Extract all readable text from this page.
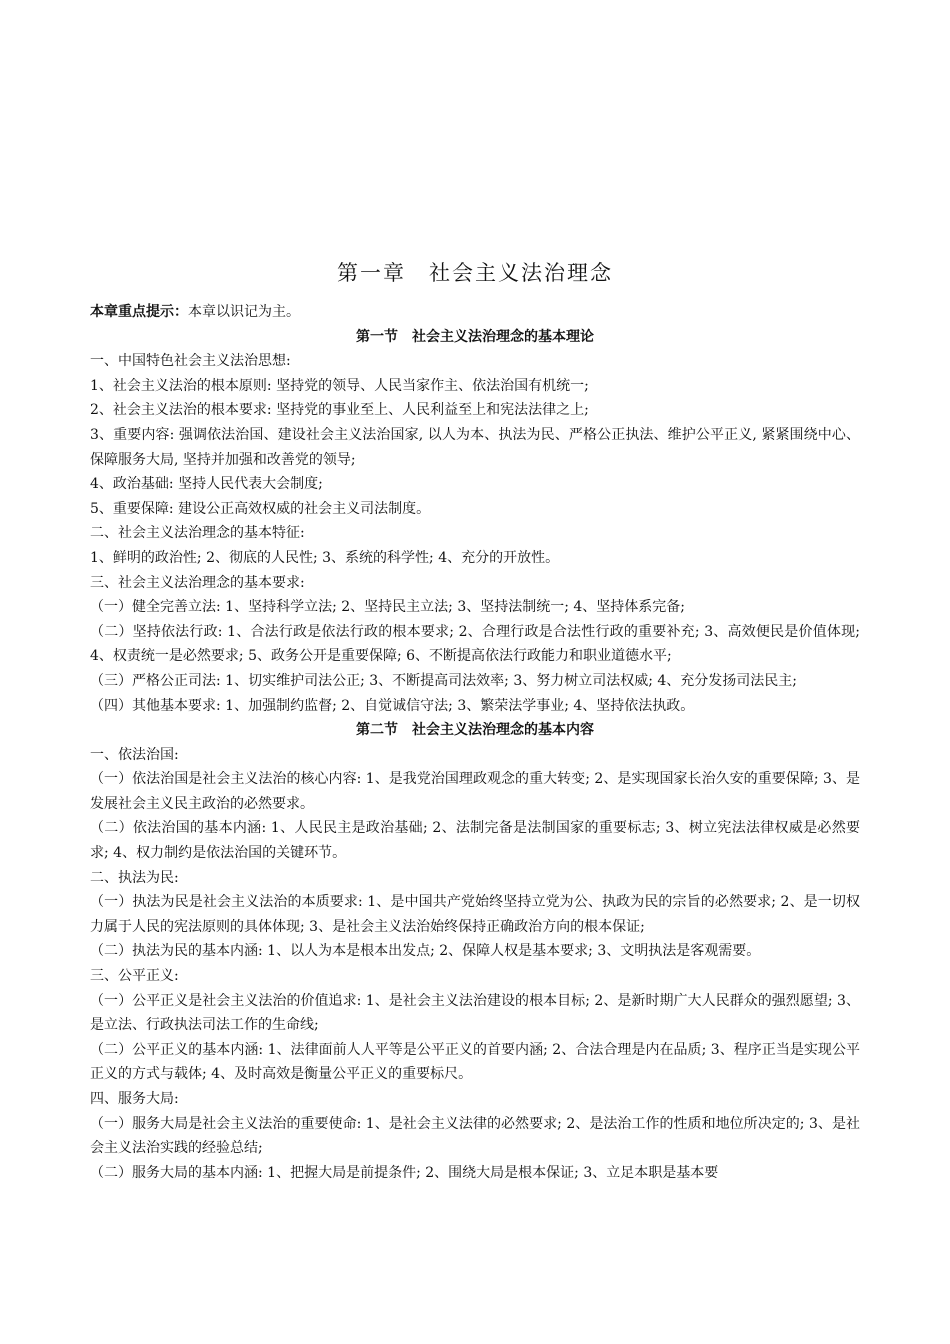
第一章　社会主义法治理念

本章重点提示：本章以识记为主。

第一节　社会主义法治理念的基本理论

一、中国特色社会主义法治思想:

1、社会主义法治的根本原则: 坚持党的领导、人民当家作主、依法治国有机统一;

2、社会主义法治的根本要求: 坚持党的事业至上、人民利益至上和宪法法律之上;

3、重要内容: 强调依法治国、建设社会主义法治国家, 以人为本、执法为民、严格公正执法、维护公平正义, 紧紧围绕中心、保障服务大局, 坚持并加强和改善党的领导;

4、政治基础: 坚持人民代表大会制度;

5、重要保障: 建设公正高效权威的社会主义司法制度。

二、社会主义法治理念的基本特征:

1、鲜明的政治性; 2、彻底的人民性; 3、系统的科学性; 4、充分的开放性。

三、社会主义法治理念的基本要求:

（一）健全完善立法: 1、坚持科学立法; 2、坚持民主立法; 3、坚持法制统一; 4、坚持体系完备;

（二）坚持依法行政: 1、合法行政是依法行政的根本要求; 2、合理行政是合法性行政的重要补充; 3、高效便民是价值体现; 4、权责统一是必然要求; 5、政务公开是重要保障; 6、不断提高依法行政能力和职业道德水平;

（三）严格公正司法: 1、切实维护司法公正; 3、不断提高司法效率; 3、努力树立司法权威; 4、充分发扬司法民主;

（四）其他基本要求: 1、加强制约监督; 2、自觉诚信守法; 3、繁荣法学事业; 4、坚持依法执政。

第二节　社会主义法治理念的基本内容

一、依法治国:

（一）依法治国是社会主义法治的核心内容: 1、是我党治国理政观念的重大转变; 2、是实现国家长治久安的重要保障; 3、是发展社会主义民主政治的必然要求。

（二）依法治国的基本内涵: 1、人民民主是政治基础; 2、法制完备是法制国家的重要标志; 3、树立宪法法律权威是必然要求; 4、权力制约是依法治国的关键环节。

二、执法为民:

（一）执法为民是社会主义法治的本质要求: 1、是中国共产党始终坚持立党为公、执政为民的宗旨的必然要求; 2、是一切权力属于人民的宪法原则的具体体现; 3、是社会主义法治始终保持正确政治方向的根本保证;

（二）执法为民的基本内涵: 1、以人为本是根本出发点; 2、保障人权是基本要求; 3、文明执法是客观需要。

三、公平正义:

（一）公平正义是社会主义法治的价值追求: 1、是社会主义法治建设的根本目标; 2、是新时期广大人民群众的强烈愿望; 3、是立法、行政执法司法工作的生命线;

（二）公平正义的基本内涵: 1、法律面前人人平等是公平正义的首要内涵; 2、合法合理是内在品质; 3、程序正当是实现公平正义的方式与载体; 4、及时高效是衡量公平正义的重要标尺。

四、服务大局:

（一）服务大局是社会主义法治的重要使命: 1、是社会主义法律的必然要求; 2、是法治工作的性质和地位所决定的; 3、是社会主义法治实践的经验总结;

（二）服务大局的基本内涵: 1、把握大局是前提条件; 2、围绕大局是根本保证; 3、立足本职是基本要
